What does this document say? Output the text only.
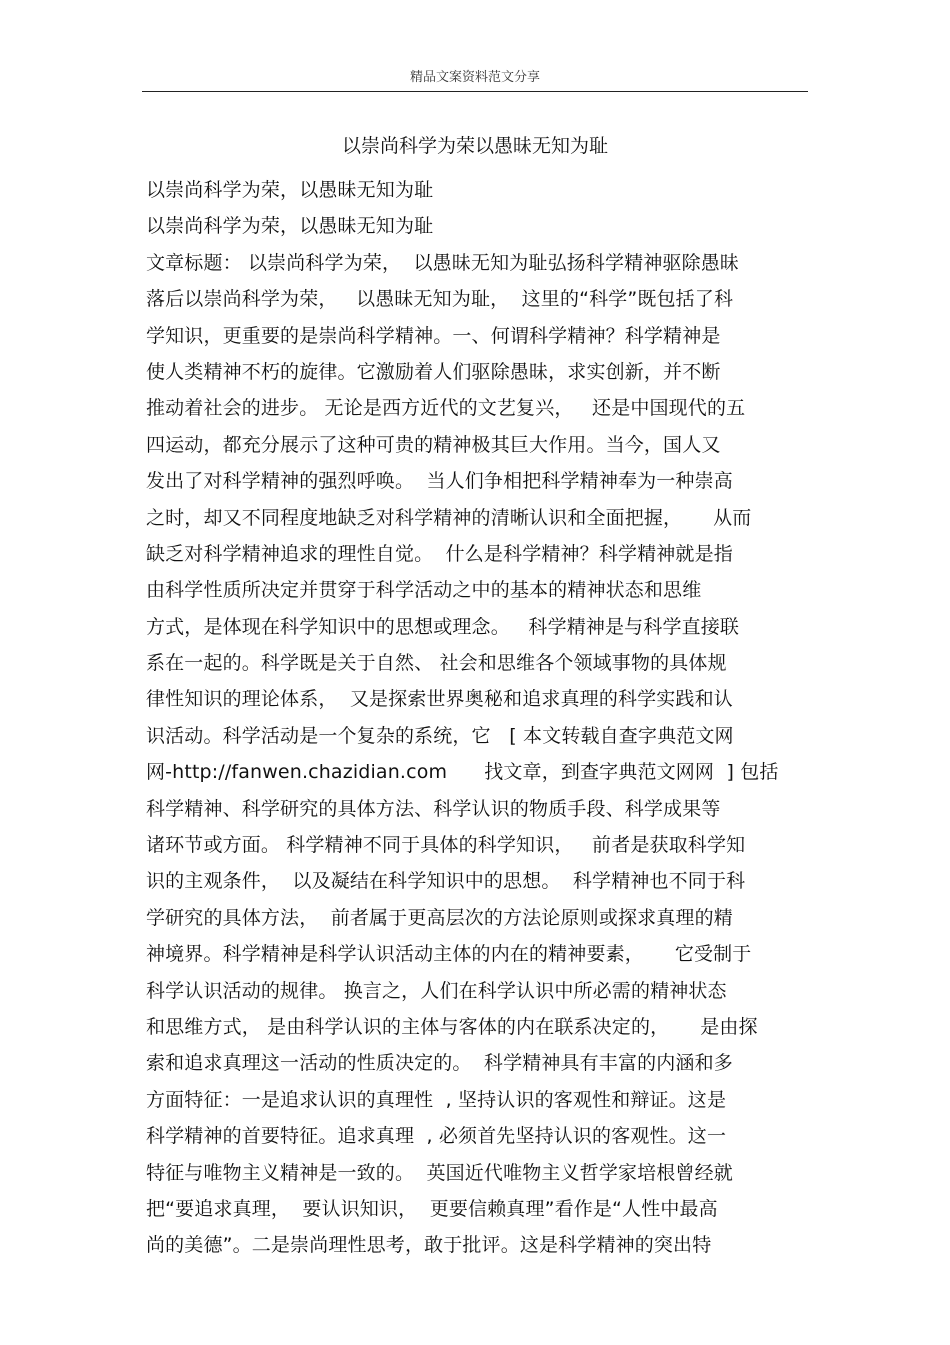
精品文案资料范文分享
以崇尚科学为荣以愚昧无知为耻
以崇尚科学为荣，以愚昧无知为耻
以崇尚科学为荣，以愚昧无知为耻
文章标题： 以崇尚科学为荣，  以愚昧无知为耻弘扬科学精神驱除愚昧
落后以崇尚科学为荣，   以愚昧无知为耻，  这里的“科学”既包括了科
学知识，更重要的是崇尚科学精神。一、何谓科学精神？科学精神是
使人类精神不朽的旋律。它激励着人们驱除愚昧，求实创新，并不断
推动着社会的进步。 无论是西方近代的文艺复兴，   还是中国现代的五
四运动，都充分展示了这种可贵的精神极其巨大作用。当今，国人又
发出了对科学精神的强烈呼唤。  当人们争相把科学精神奉为一种崇高
之时，却又不同程度地缺乏对科学精神的清晰认识和全面把握，     从而
缺乏对科学精神追求的理性自觉。  什么是科学精神？科学精神就是指
由科学性质所决定并贯穿于科学活动之中的基本的精神状态和思维
方式，是体现在科学知识中的思想或理念。   科学精神是与科学直接联
系在一起的。科学既是关于自然、 社会和思维各个领域事物的具体规
律性知识的理论体系，  又是探索世界奥秘和追求真理的科学实践和认
识活动。科学活动是一个复杂的系统，它   [ 本文转载自查字典范文网
网-http://fanwen.chazidian.com      找文章，到查字典范文网网  ] 包括
科学精神、科学研究的具体方法、科学认识的物质手段、科学成果等
诸环节或方面。 科学精神不同于具体的科学知识，   前者是获取科学知
识的主观条件，  以及凝结在科学知识中的思想。  科学精神也不同于科
学研究的具体方法，  前者属于更高层次的方法论原则或探求真理的精
神境界。科学精神是科学认识活动主体的内在的精神要素，     它受制于
科学认识活动的规律。 换言之，人们在科学认识中所必需的精神状态
和思维方式， 是由科学认识的主体与客体的内在联系决定的，     是由探
索和追求真理这一活动的性质决定的。  科学精神具有丰富的内涵和多
方面特征：一是追求认识的真理性  , 坚持认识的客观性和辩证。这是
科学精神的首要特征。追求真理  , 必须首先坚持认识的客观性。这一
特征与唯物主义精神是一致的。  英国近代唯物主义哲学家培根曾经就
把“要追求真理，  要认识知识，  更要信赖真理”看作是“人性中最高
尚的美德”。二是崇尚理性思考，敢于批评。这是科学精神的突出特
